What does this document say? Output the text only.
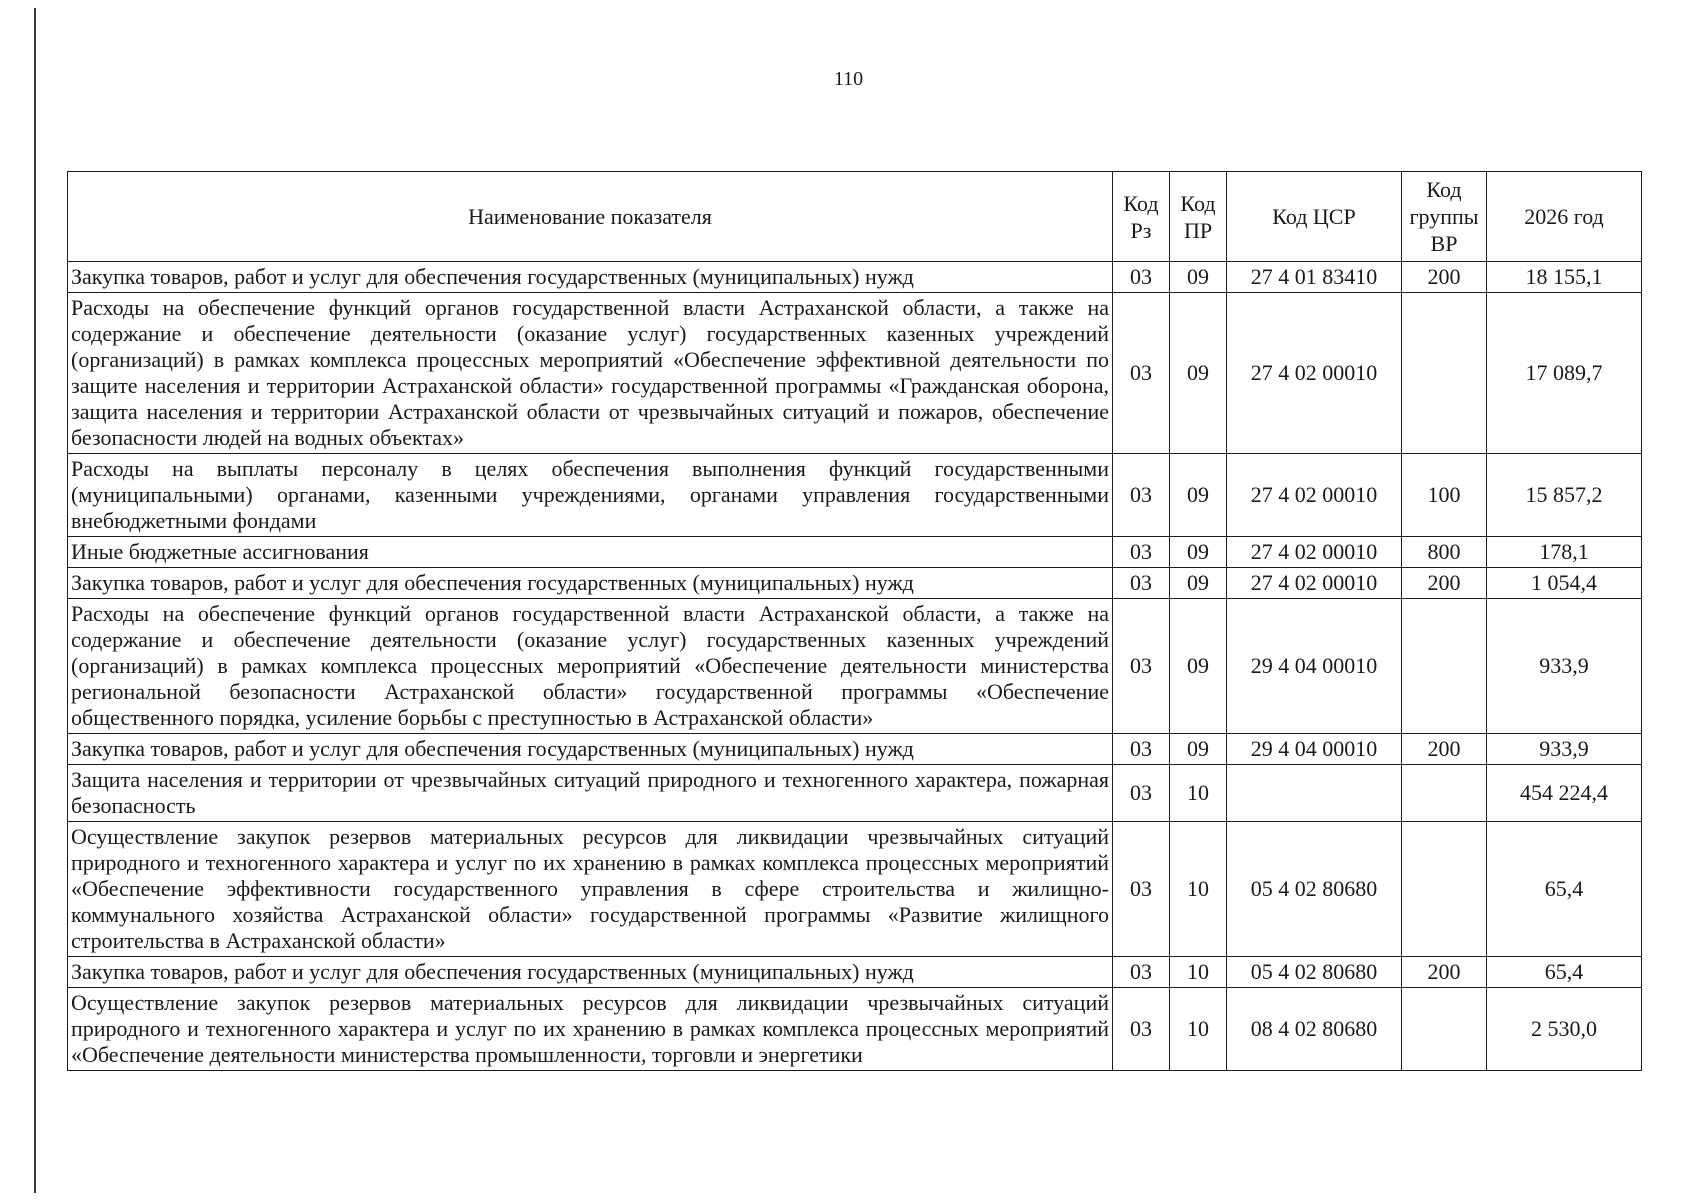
110
Наименование показателя	Код Рз	Код ПР	Код ЦСР	Код группы ВР	2026 год
Закупка товаров, работ и услуг для обеспечения государственных (муниципальных) нужд	03	09	27 4 01 83410	200	18 155,1
Расходы на обеспечение функций органов государственной власти Астраханской области, а также на содержание и обеспечение деятельности (оказание услуг) государственных казенных учреждений (организаций) в рамках комплекса процессных мероприятий «Обеспечение эффективной деятельности по защите населения и территории Астраханской области» государственной программы «Гражданская оборона, защита населения и территории Астраханской области от чрезвычайных ситуаций и пожаров, обеспечение безопасности людей на водных объектах»	03	09	27 4 02 00010		17 089,7
Расходы на выплаты персоналу в целях обеспечения выполнения функций государственными (муниципальными) органами, казенными учреждениями, органами управления государственными внебюджетными фондами	03	09	27 4 02 00010	100	15 857,2
Иные бюджетные ассигнования	03	09	27 4 02 00010	800	178,1
Закупка товаров, работ и услуг для обеспечения государственных (муниципальных) нужд	03	09	27 4 02 00010	200	1 054,4
Расходы на обеспечение функций органов государственной власти Астраханской области, а также на содержание и обеспечение деятельности (оказание услуг) государственных казенных учреждений (организаций) в рамках комплекса процессных мероприятий «Обеспечение деятельности министерства региональной безопасности Астраханской области» государственной программы «Обеспечение общественного порядка, усиление борьбы с преступностью в Астраханской области»	03	09	29 4 04 00010		933,9
Закупка товаров, работ и услуг для обеспечения государственных (муниципальных) нужд	03	09	29 4 04 00010	200	933,9
Защита населения и территории от чрезвычайных ситуаций природного и техногенного характера, пожарная безопасность	03	10			454 224,4
Осуществление закупок резервов материальных ресурсов для ликвидации чрезвычайных ситуаций природного и техногенного характера и услуг по их хранению в рамках комплекса процессных мероприятий «Обеспечение эффективности государственного управления в сфере строительства и жилищно-коммунального хозяйства Астраханской области» государственной программы «Развитие жилищного строительства в Астраханской области»	03	10	05 4 02 80680		65,4
Закупка товаров, работ и услуг для обеспечения государственных (муниципальных) нужд	03	10	05 4 02 80680	200	65,4
Осуществление закупок резервов материальных ресурсов для ликвидации чрезвычайных ситуаций природного и техногенного характера и услуг по их хранению в рамках комплекса процессных мероприятий «Обеспечение деятельности министерства промышленности, торговли и энергетики	03	10	08 4 02 80680		2 530,0
